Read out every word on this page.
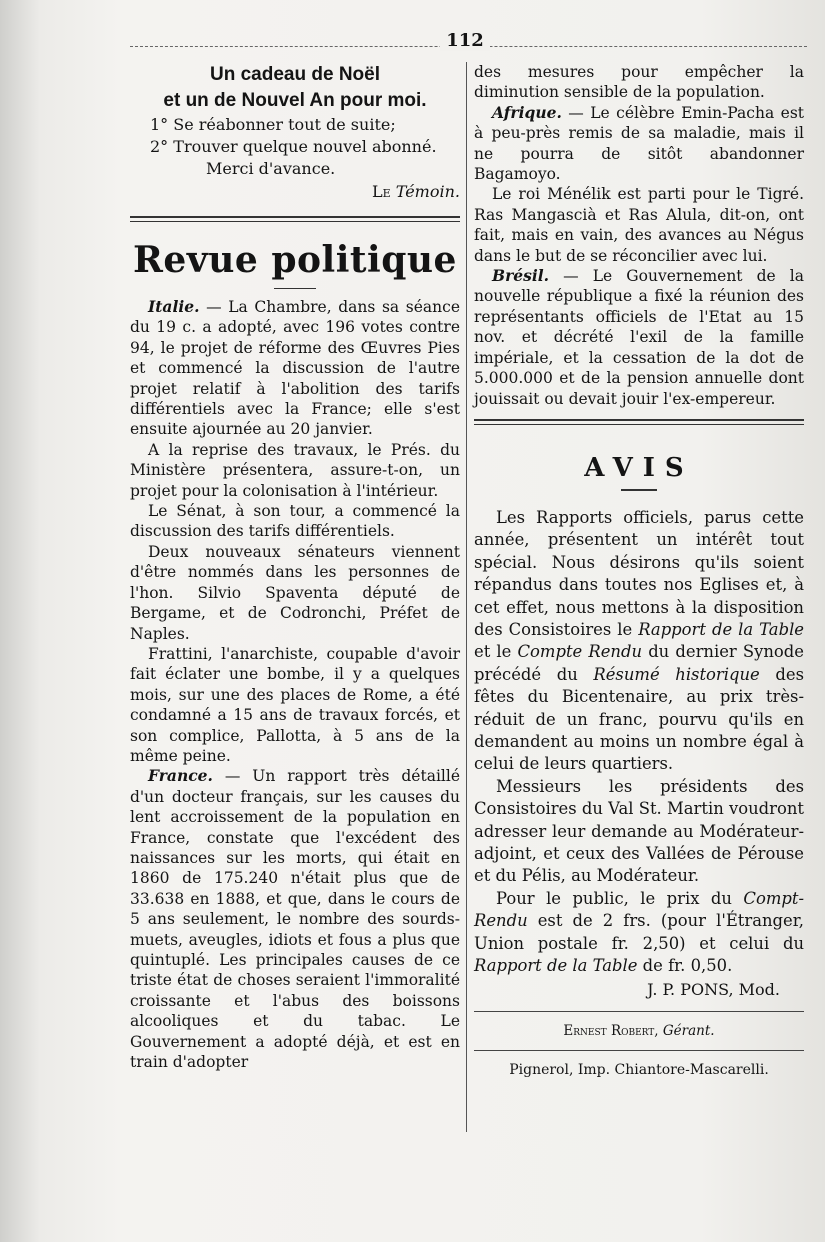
112
Un cadeau de Noël
et un de Nouvel An pour moi.

1° Se réabonner tout de suite;

2° Trouver quelque nouvel abonné.

Merci d'avance.

Le Témoin.
Revue politique

Italie. — La Chambre, dans sa séance du 19 c. a adopté, avec 196 votes contre 94, le projet de réforme des Œuvres Pies et commencé la discussion de l'autre projet relatif à l'abolition des tarifs différentiels avec la France; elle s'est ensuite ajournée au 20 janvier.

A la reprise des travaux, le Prés. du Ministère présentera, assure-t-on, un projet pour la colonisation à l'intérieur.

Le Sénat, à son tour, a commencé la discussion des tarifs différentiels.

Deux nouveaux sénateurs viennent d'être nommés dans les personnes de l'hon. Silvio Spaventa député de Bergame, et de Codronchi, Préfet de Naples.

Frattini, l'anarchiste, coupable d'avoir fait éclater une bombe, il y a quelques mois, sur une des places de Rome, a été condamné a 15 ans de travaux forcés, et son complice, Pallotta, à 5 ans de la même peine.

France. — Un rapport très détaillé d'un docteur français, sur les causes du lent accroissement de la population en France, constate que l'excédent des naissances sur les morts, qui était en 1860 de 175.240 n'était plus que de 33.638 en 1888, et que, dans le cours de 5 ans seulement, le nombre des sourds-muets, aveugles, idiots et fous a plus que quintuplé. Les principales causes de ce triste état de choses seraient l'immoralité croissante et l'abus des boissons alcooliques et du tabac. Le Gouvernement a adopté déjà, et est en train d'adopter

des mesures pour empêcher la diminution sensible de la population.

Afrique. — Le célèbre Emin-Pacha est à peu-près remis de sa maladie, mais il ne pourra de sitôt abandonner Bagamoyo.

Le roi Ménélik est parti pour le Tigré. Ras Mangascià et Ras Alula, dit-on, ont fait, mais en vain, des avances au Négus dans le but de se réconcilier avec lui.

Brésil. — Le Gouvernement de la nouvelle république a fixé la réunion des représentants officiels de l'Etat au 15 nov. et décrété l'exil de la famille impériale, et la cessation de la dot de 5.000.000 et de la pension annuelle dont jouissait ou devait jouir l'ex-empereur.

AVIS

Les Rapports officiels, parus cette année, présentent un intérêt tout spécial. Nous désirons qu'ils soient répandus dans toutes nos Eglises et, à cet effet, nous mettons à la disposition des Consistoires le Rapport de la Table et le Compte Rendu du dernier Synode précédé du Résumé historique des fêtes du Bicentenaire, au prix très-réduit de un franc, pourvu qu'ils en demandent au moins un nombre égal à celui de leurs quartiers.

Messieurs les présidents des Consistoires du Val St. Martin voudront adresser leur demande au Modérateur-adjoint, et ceux des Vallées de Pérouse et du Pélis, au Modérateur.

Pour le public, le prix du Compt-Rendu est de 2 frs. (pour l'Étranger, Union postale fr. 2,50) et celui du Rapport de la Table de fr. 0,50.

J. P. PONS, Mod.
Ernest Robert, Gérant.
Pignerol, Imp. Chiantore-Mascarelli.
